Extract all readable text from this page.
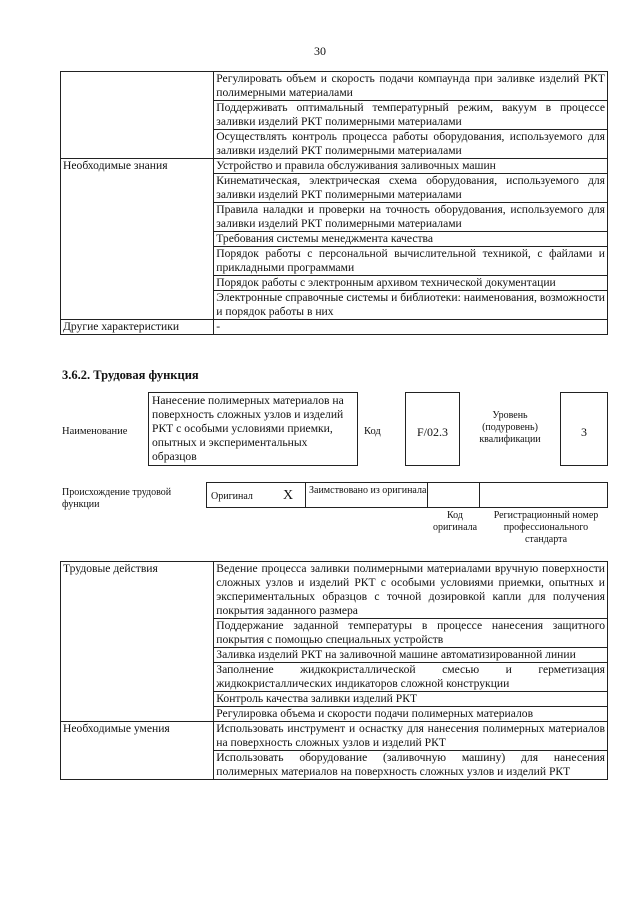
30
	Регулировать объем и скорость подачи компаунда при заливке изделий РКТ полимерными материалами
	Поддерживать оптимальный температурный режим, вакуум в процессе заливки изделий РКТ полимерными материалами
	Осуществлять контроль процесса работы оборудования, используемого для заливки изделий РКТ полимерными материалами
Необходимые знания	Устройство и правила обслуживания заливочных машин
	Кинематическая, электрическая схема оборудования, используемого для заливки изделий РКТ полимерными материалами
	Правила наладки и проверки на точность оборудования, используемого для заливки изделий РКТ полимерными материалами
	Требования системы менеджмента качества
	Порядок работы с персональной вычислительной техникой, с файлами и прикладными программами
	Порядок работы с электронным архивом технической документации
	Электронные справочные системы и библиотеки: наименования, возможности и порядок работы в них
Другие характеристики	-
3.6.2. Трудовая функция
Наименование
Нанесение полимерных материалов на поверхность сложных узлов и изделий РКТ с особыми условиями приемки, опытных и экспериментальных образцов
Код	F/02.3
Уровень (подуровень) квалификации
3
Происхождение трудовой функции
Оригинал X Заимствовано из оригинала
Код оригинала
Регистрационный номер профессионального стандарта
Трудовые действия	Ведение процесса заливки полимерными материалами вручную поверхности сложных узлов и изделий РКТ с особыми условиями приемки, опытных и экспериментальных образцов с точной дозировкой капли для получения покрытия заданного размера
	Поддержание заданной температуры в процессе нанесения защитного покрытия с помощью специальных устройств
	Заливка изделий РКТ на заливочной машине автоматизированной линии
	Заполнение жидкокристаллической смесью и герметизация жидкокристаллических индикаторов сложной конструкции
	Контроль качества заливки изделий РКТ
	Регулировка объема и скорости подачи полимерных материалов
Необходимые умения	Использовать инструмент и оснастку для нанесения полимерных материалов на поверхность сложных узлов и изделий РКТ
	Использовать оборудование (заливочную машину) для нанесения полимерных материалов на поверхность сложных узлов и изделий РКТ
